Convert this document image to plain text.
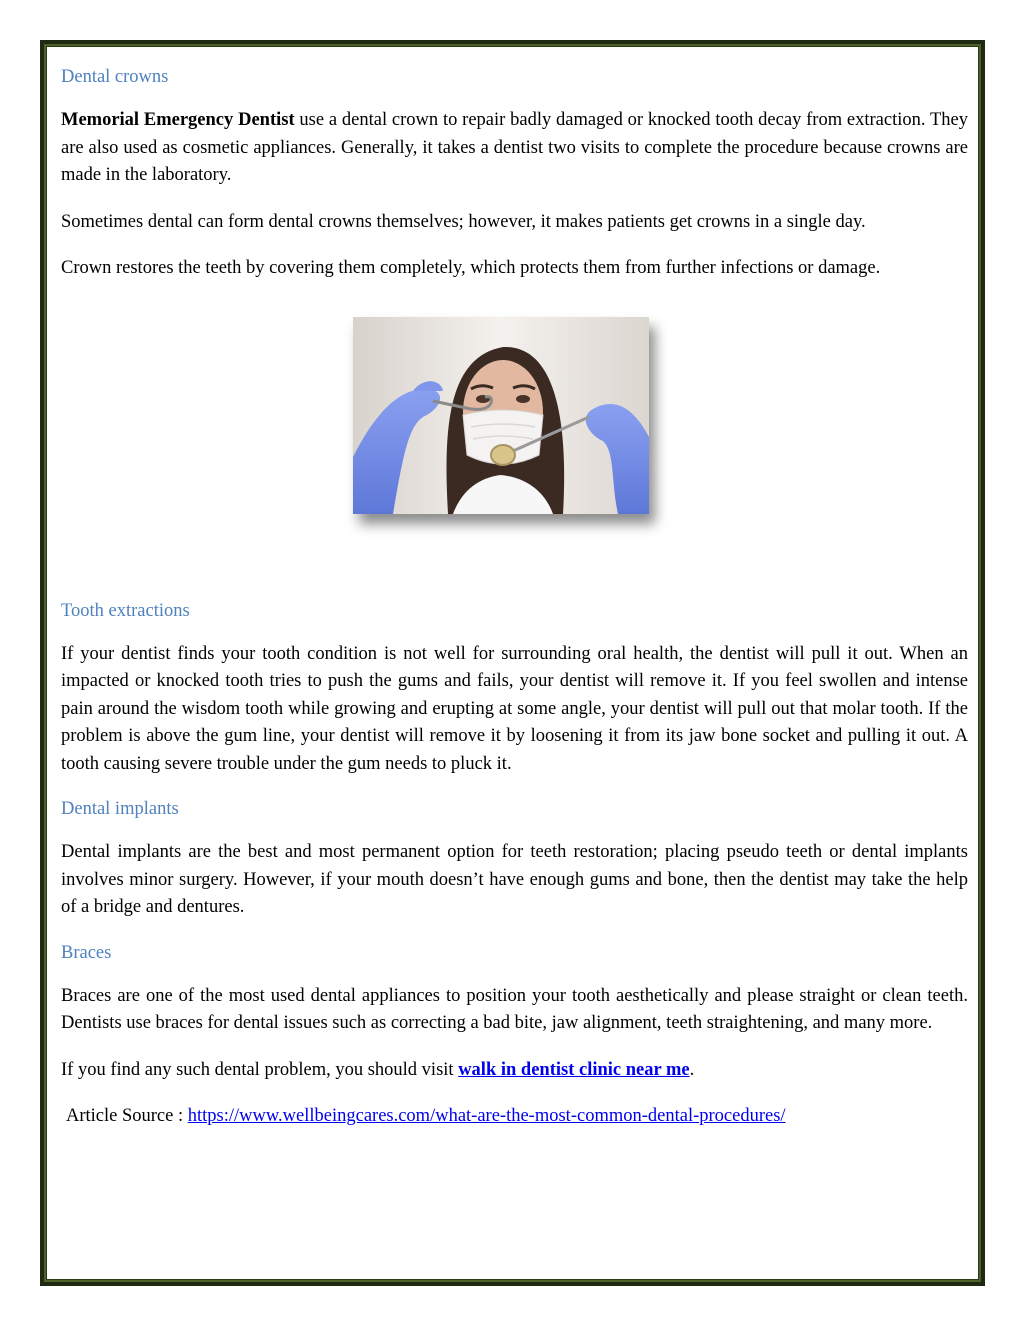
Dental crowns

Memorial Emergency Dentist use a dental crown to repair badly damaged or knocked tooth decay from extraction. They are also used as cosmetic appliances. Generally, it takes a dentist two visits to complete the procedure because crowns are made in the laboratory.

Sometimes dental can form dental crowns themselves; however, it makes patients get crowns in a single day.

Crown restores the teeth by covering them completely, which protects them from further infections or damage.

Tooth extractions

If your dentist finds your tooth condition is not well for surrounding oral health, the dentist will pull it out. When an impacted or knocked tooth tries to push the gums and fails, your dentist will remove it. If you feel swollen and intense pain around the wisdom tooth while growing and erupting at some angle, your dentist will pull out that molar tooth. If the problem is above the gum line, your dentist will remove it by loosening it from its jaw bone socket and pulling it out. A tooth causing severe trouble under the gum needs to pluck it.

Dental implants

Dental implants are the best and most permanent option for teeth restoration; placing pseudo teeth or dental implants involves minor surgery. However, if your mouth doesn’t have enough gums and bone, then the dentist may take the help of a bridge and dentures.

Braces

Braces are one of the most used dental appliances to position your tooth aesthetically and please straight or clean teeth. Dentists use braces for dental issues such as correcting a bad bite, jaw alignment, teeth straightening, and many more.

If you find any such dental problem, you should visit walk in dentist clinic near me.

Article Source : https://www.wellbeingcares.com/what-are-the-most-common-dental-procedures/
